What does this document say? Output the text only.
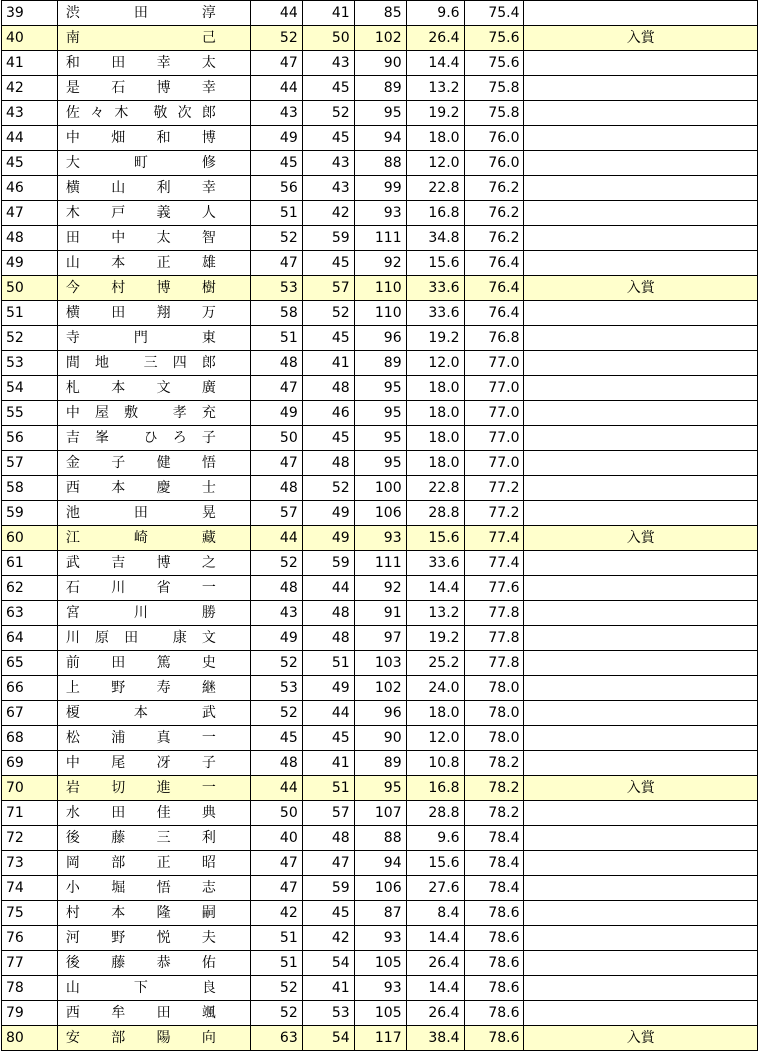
39	渋　田　淳	44	41	85	9.6	75.4	
40	南　　　己	52	50	102	26.4	75.6	入賞
41	和田幸太	47	43	90	14.4	75.6	
42	是石博幸	44	45	89	13.2	75.8	
43	佐々木 敬次郎	43	52	95	19.2	75.8	
44	中畑和博	49	45	94	18.0	76.0	
45	大　町　修	45	43	88	12.0	76.0	
46	横山利幸	56	43	99	22.8	76.2	
47	木戸義人	51	42	93	16.8	76.2	
48	田中太智	52	59	111	34.8	76.2	
49	山本正雄	47	45	92	15.6	76.4	
50	今村博樹	53	57	110	33.6	76.4	入賞
51	横田翔万	58	52	110	33.6	76.4	
52	寺　門　東	51	45	96	19.2	76.8	
53	間地 三四郎	48	41	89	12.0	77.0	
54	札本文廣	47	48	95	18.0	77.0	
55	中屋敷 孝充	49	46	95	18.0	77.0	
56	吉峯 ひろ子	50	45	95	18.0	77.0	
57	金子健悟	47	48	95	18.0	77.0	
58	西本慶士	48	52	100	22.8	77.2	
59	池　田　晃	57	49	106	28.8	77.2	
60	江　崎　藏	44	49	93	15.6	77.4	入賞
61	武吉博之	52	59	111	33.6	77.4	
62	石川省一	48	44	92	14.4	77.6	
63	宮　川　勝	43	48	91	13.2	77.8	
64	川原田 康文	49	48	97	19.2	77.8	
65	前田篤史	52	51	103	25.2	77.8	
66	上野寿継	53	49	102	24.0	78.0	
67	榎　本　武	52	44	96	18.0	78.0	
68	松浦真一	45	45	90	12.0	78.0	
69	中尾冴子	48	41	89	10.8	78.2	
70	岩切進一	44	51	95	16.8	78.2	入賞
71	水田佳典	50	57	107	28.8	78.2	
72	後藤三利	40	48	88	9.6	78.4	
73	岡部正昭	47	47	94	15.6	78.4	
74	小堀悟志	47	59	106	27.6	78.4	
75	村本隆嗣	42	45	87	8.4	78.6	
76	河野悦夫	51	42	93	14.4	78.6	
77	後藤恭佑	51	54	105	26.4	78.6	
78	山　下　良	52	41	93	14.4	78.6	
79	西牟田颯	52	53	105	26.4	78.6	
80	安部陽向	63	54	117	38.4	78.6	入賞
